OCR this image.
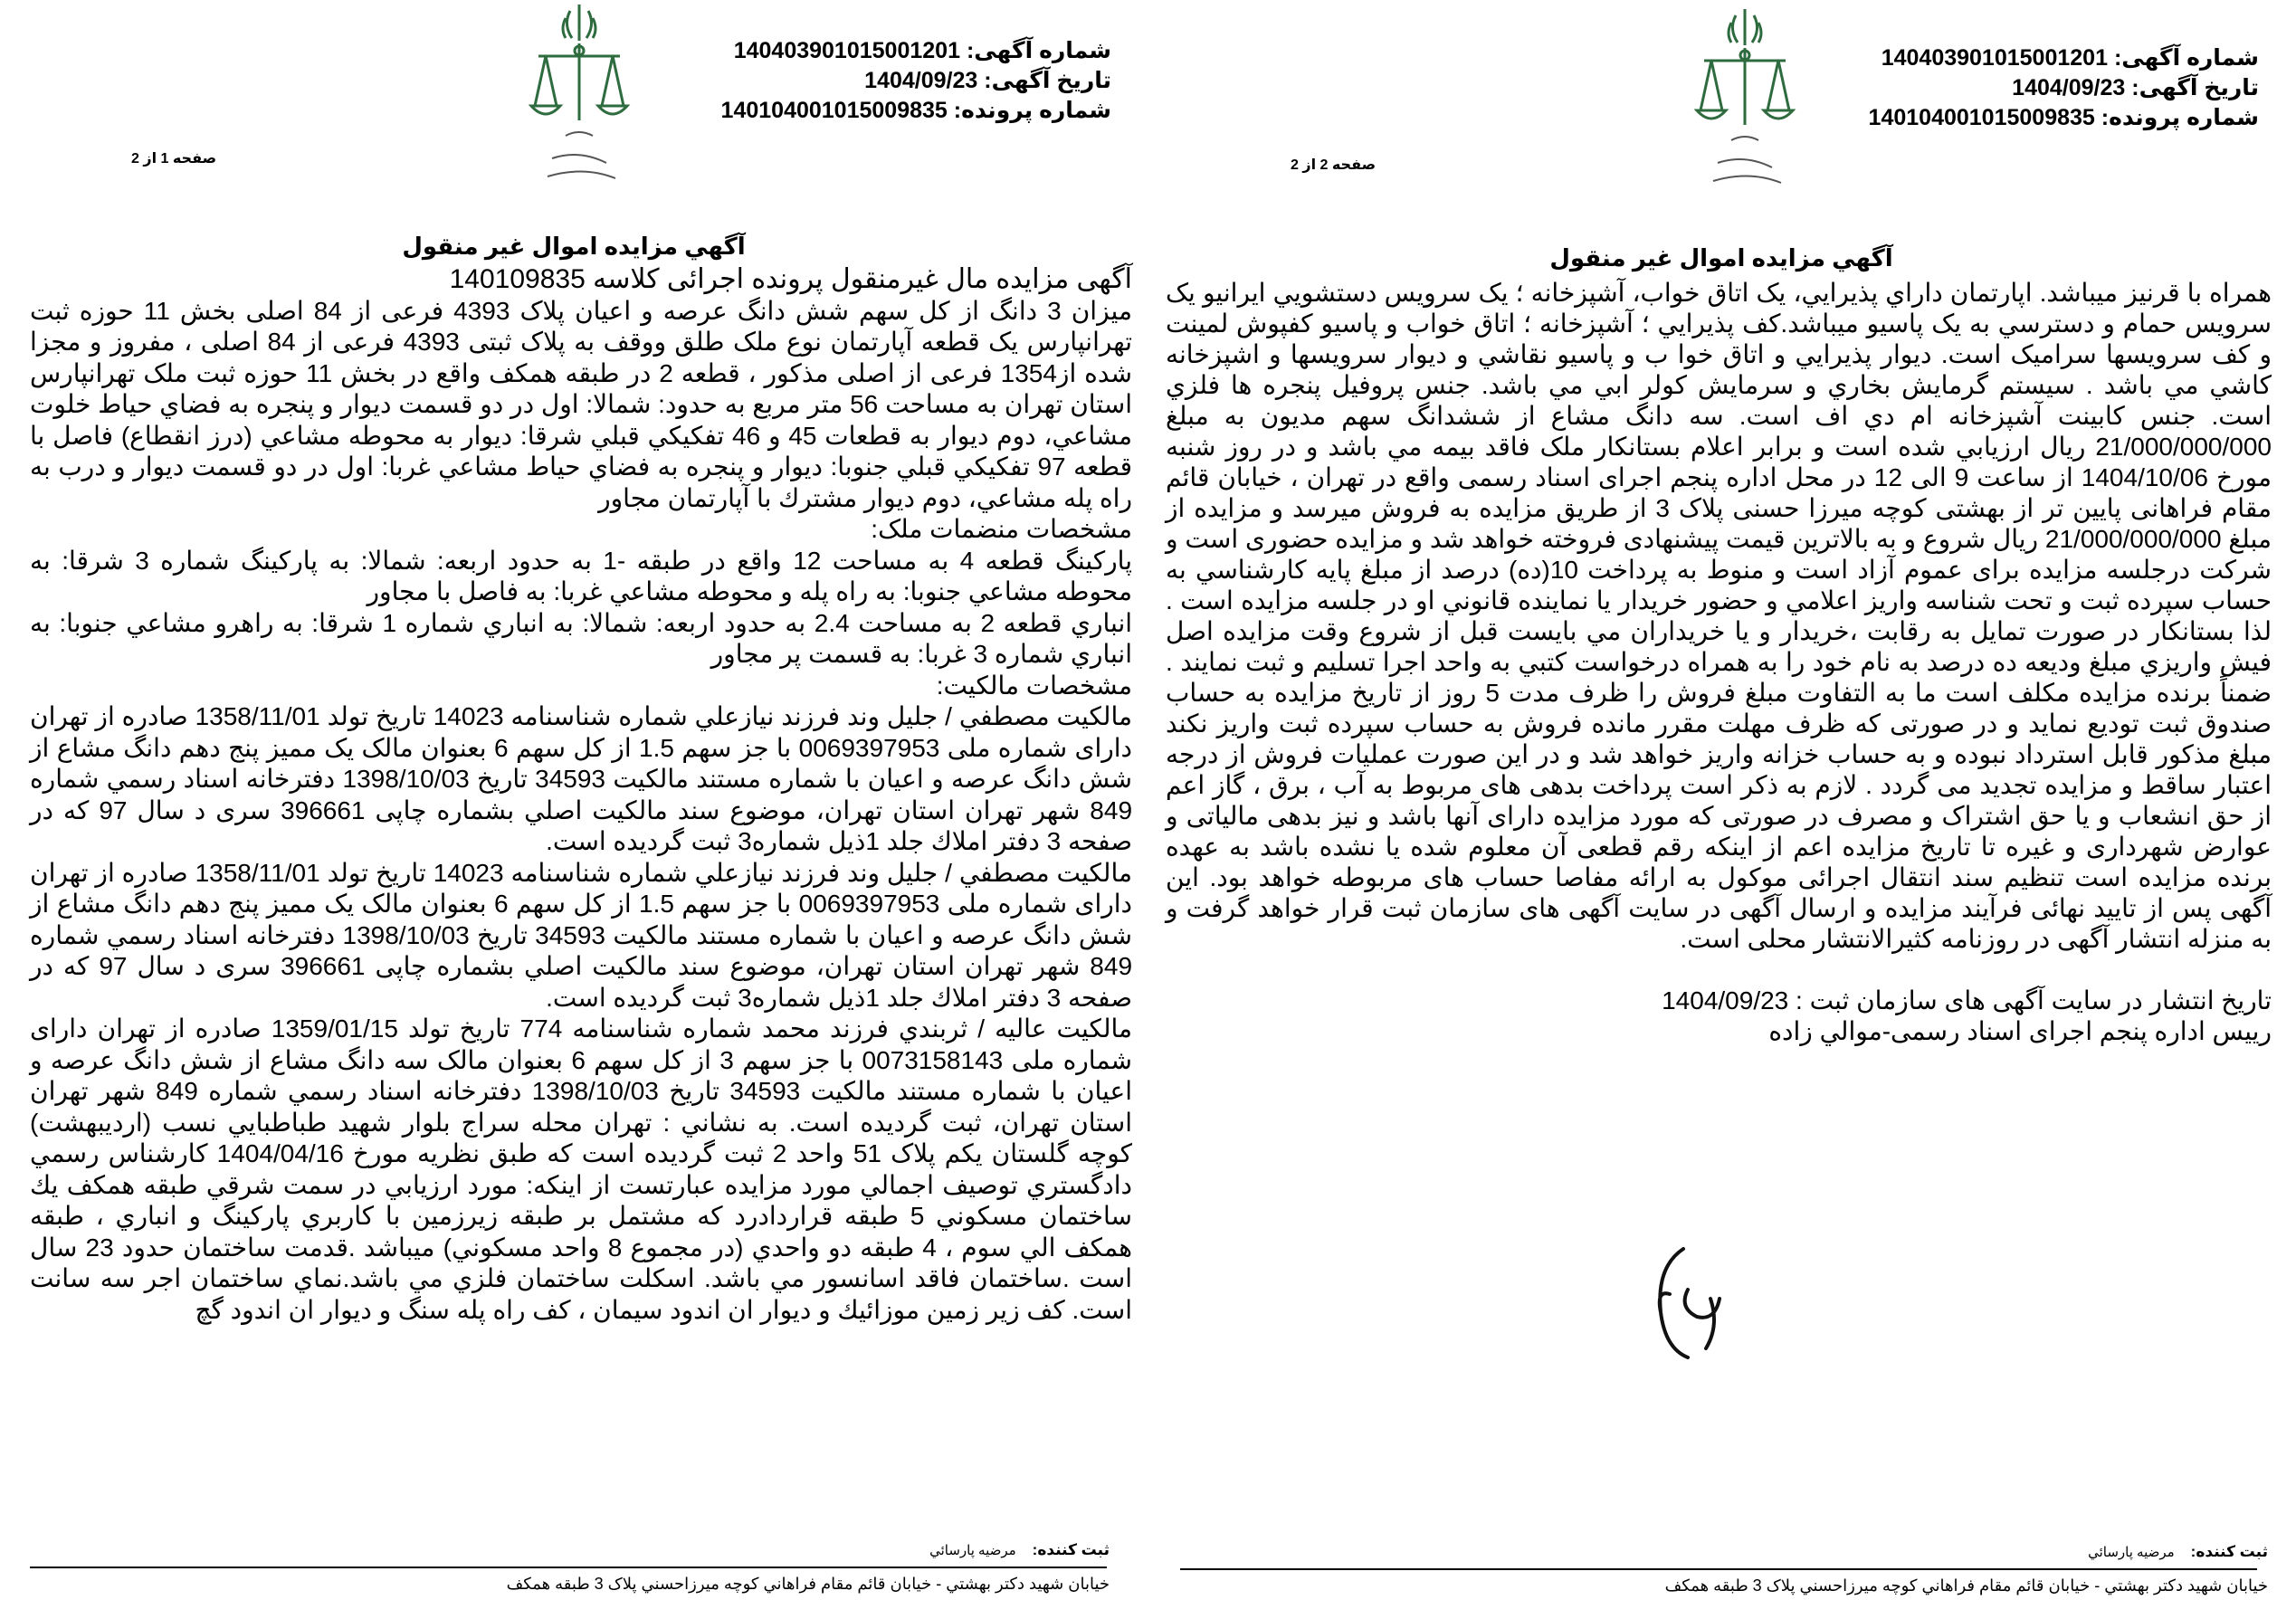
شماره آگهی: 140403901015001201
تاریخ آگهی: 1404/09/23
شماره پرونده: 140104001015009835
صفحه 1 از 2
آگهي مزايده اموال غير منقول

آگهی مزایده مال غیرمنقول پرونده اجرائی کلاسه 140109835

میزان 3 دانگ از کل سهم شش دانگ عرصه و اعیان پلاک 4393 فرعی از 84 اصلی بخش 11 حوزه ثبت تهرانپارس یک قطعه آپارتمان نوع ملک طلق ووقف به پلاک ثبتی 4393 فرعی از 84 اصلی ، مفروز و مجزا شده از1354 فرعی از اصلی مذکور ، قطعه 2 در طبقه همکف واقع در بخش 11 حوزه ثبت ملک تهرانپارس استان تهران به مساحت 56 متر مربع به حدود: شمالا: اول در دو قسمت ديوار و پنجره به فضاي حياط خلوت مشاعي، دوم ديوار به قطعات 45 و 46 تفكيكي قبلي شرقا: ديوار به محوطه مشاعي (درز انقطاع) فاصل با قطعه 97 تفكيكي قبلي جنوبا: ديوار و پنجره به فضاي حياط مشاعي غربا: اول در دو قسمت ديوار و درب به راه پله مشاعي، دوم ديوار مشترك با آپارتمان مجاور

مشخصات منضمات ملک:

پاركينگ قطعه 4 به مساحت 12 واقع در طبقه -1 به حدود اربعه: شمالا: به پاركينگ شماره 3 شرقا: به محوطه مشاعي جنوبا: به راه پله و محوطه مشاعي غربا: به فاصل با مجاور

انباري قطعه 2 به مساحت 2.4 به حدود اربعه: شمالا: به انباري شماره 1 شرقا: به راهرو مشاعي جنوبا: به انباري شماره 3 غربا: به قسمت پر مجاور

مشخصات مالكيت:

مالكيت مصطفي / جليل وند فرزند نيازعلي شماره شناسنامه 14023 تاريخ تولد 1358/11/01 صادره از تهران داراى شماره ملى 0069397953 با جز سهم 1.5 از کل سهم 6 بعنوان مالک یک ممیز پنج دهم دانگ مشاع از شش دانگ عرصه و اعيان با شماره مستند مالكيت 34593 تاريخ 1398/10/03 دفترخانه اسناد رسمي شماره 849 شهر تهران استان تهران، موضوع سند مالكيت اصلي بشماره چاپى 396661 سری د سال 97 كه در صفحه 3 دفتر املاك جلد 1ذيل شماره3 ثبت گرديده است.

مالكيت مصطفي / جليل وند فرزند نيازعلي شماره شناسنامه 14023 تاريخ تولد 1358/11/01 صادره از تهران داراى شماره ملى 0069397953 با جز سهم 1.5 از کل سهم 6 بعنوان مالک یک ممیز پنج دهم دانگ مشاع از شش دانگ عرصه و اعيان با شماره مستند مالكيت 34593 تاريخ 1398/10/03 دفترخانه اسناد رسمي شماره 849 شهر تهران استان تهران، موضوع سند مالكيت اصلي بشماره چاپى 396661 سری د سال 97 كه در صفحه 3 دفتر املاك جلد 1ذيل شماره3 ثبت گرديده است.

مالكيت عاليه / ثربندي فرزند محمد شماره شناسنامه 774 تاريخ تولد 1359/01/15 صادره از تهران داراى شماره ملى 0073158143 با جز سهم 3 از کل سهم 6 بعنوان مالک سه دانگ مشاع از شش دانگ عرصه و اعيان با شماره مستند مالكيت 34593 تاريخ 1398/10/03 دفترخانه اسناد رسمي شماره 849 شهر تهران استان تهران، ثبت گرديده است. به نشاني : تهران محله سراج بلوار شهيد طباطبايي نسب (ارديبهشت) كوچه گلستان يكم پلاک 51 واحد 2 ثبت گرديده است كه طبق نظريه مورخ 1404/04/16 كارشناس رسمي دادگستري توصيف اجمالي مورد مزايده عبارتست از اينكه: مورد ارزيابي در سمت شرقي طبقه همكف يك ساختمان مسكوني 5 طبقه قراردادرد كه مشتمل بر طبقه زيرزمين با كاربري پاركينگ و انباري ، طبقه همكف الي سوم ، 4 طبقه دو واحدي (در مجموع 8 واحد مسكوني) ميباشد .قدمت ساختمان حدود 23 سال است .ساختمان فاقد اسانسور مي باشد. اسكلت ساختمان فلزي مي باشد.نماي ساختمان اجر سه سانت است. كف زير زمين موزائيك و ديوار ان اندود سيمان ، كف راه پله سنگ و ديوار ان اندود گچ

ثبت كننده:مرضيه پارسائي
خيابان شهيد دكتر بهشتي - خيابان قائم مقام فراهاني كوچه ميرزاحسني پلاک 3 طبقه همكف
شماره آگهی: 140403901015001201
تاریخ آگهی: 1404/09/23
شماره پرونده: 140104001015009835
صفحه 2 از 2
آگهي مزايده اموال غير منقول

همراه با قرنيز ميباشد. اپارتمان داراي پذيرايي، يک اتاق خواب، آشپزخانه ؛ يک سرويس دستشويي ايرانيو يک سرويس حمام و دسترسي به يک پاسيو ميباشد.كف پذيرايي ؛ آشپزخانه ؛ اتاق خواب و پاسيو كفپوش لمينت و كف سرويسها سراميک است. ديوار پذيرايي و اتاق خوا ب و پاسيو نقاشي و ديوار سرويسها و اشپزخانه كاشي مي باشد . سيستم گرمايش بخاري و سرمايش كولر ابي مي باشد. جنس پروفيل پنجره ها فلزي است. جنس كابينت آشپزخانه ام دي اف است. سه دانگ مشاع از ششدانگ سهم مديون به مبلغ 21/000/000/000 ريال ارزيابي شده است و برابر اعلام بستانكار ملک فاقد بيمه مي باشد و در روز شنبه مورخ 1404/10/06 از ساعت 9 الی 12 در محل اداره پنجم اجرای اسناد رسمی واقع در تهران ، خيابان قائم مقام فراهانی پايين تر از بهشتی کوچه ميرزا حسنی پلاک 3 از طريق مزايده به فروش ميرسد و مزايده از مبلغ 21/000/000/000 ريال شروع و به بالاترين قيمت پيشنهادی فروخته خواهد شد و مزايده حضوری است و شرکت درجلسه مزايده برای عموم آزاد است و منوط به پرداخت 10(ده) درصد از مبلغ پايه كارشناسي به حساب سپرده ثبت و تحت شناسه واريز اعلامي و حضور خريدار يا نماينده قانوني او در جلسه مزايده است . لذا بستانكار در صورت تمايل به رقابت ،خريدار و يا خريداران مي بايست قبل از شروع وقت مزايده اصل فيش واريزي مبلغ وديعه ده درصد به نام خود را به همراه درخواست كتبي به واحد اجرا تسليم و ثبت نمايند . ضمناً برنده مزايده مكلف است ما به التفاوت مبلغ فروش را ظرف مدت 5 روز از تاريخ مزايده به حساب صندوق ثبت توديع نمايد و در صورتی كه ظرف مهلت مقرر مانده فروش به حساب سپرده ثبت واريز نكند مبلغ مذكور قابل استرداد نبوده و به حساب خزانه واريز خواهد شد و در اين صورت عمليات فروش از درجه اعتبار ساقط و مزايده تجديد می گردد . لازم به ذکر است پرداخت بدهی های مربوط به آب ، برق ، گاز اعم از حق انشعاب و يا حق اشتراک و مصرف در صورتی كه مورد مزايده دارای آنها باشد و نيز بدهی مالياتی و عوارض شهرداری و غيره تا تاريخ مزايده اعم از اينكه رقم قطعی آن معلوم شده يا نشده باشد به عهده برنده مزايده است تنظيم سند انتقال اجرائی موكول به ارائه مفاصا حساب های مربوطه خواهد بود. اين آگهی پس از تاييد نهائی فرآيند مزايده و ارسال آگهی در سايت آگهی های سازمان ثبت قرار خواهد گرفت و به منزله انتشار آگهی در روزنامه كثيرالانتشار محلی است.

تاريخ انتشار در سايت آگهی های سازمان ثبت : 1404/09/23

رييس اداره پنجم اجرای اسناد رسمی-موالي زاده

ثبت كننده:مرضيه پارسائي
خيابان شهيد دكتر بهشتي - خيابان قائم مقام فراهاني كوچه ميرزاحسني پلاک 3 طبقه همكف
